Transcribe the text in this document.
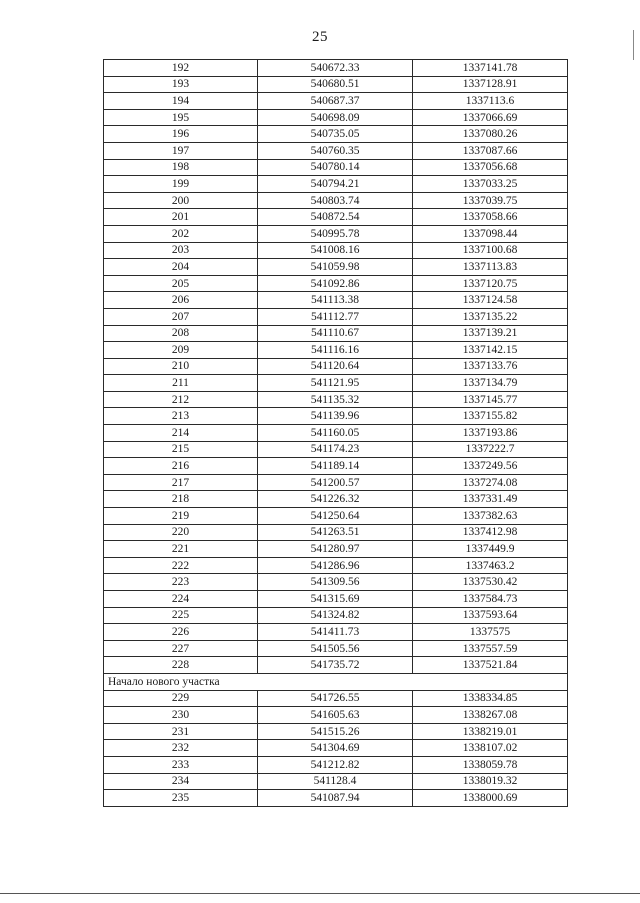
25
192	540672.33	1337141.78
193	540680.51	1337128.91
194	540687.37	1337113.6
195	540698.09	1337066.69
196	540735.05	1337080.26
197	540760.35	1337087.66
198	540780.14	1337056.68
199	540794.21	1337033.25
200	540803.74	1337039.75
201	540872.54	1337058.66
202	540995.78	1337098.44
203	541008.16	1337100.68
204	541059.98	1337113.83
205	541092.86	1337120.75
206	541113.38	1337124.58
207	541112.77	1337135.22
208	541110.67	1337139.21
209	541116.16	1337142.15
210	541120.64	1337133.76
211	541121.95	1337134.79
212	541135.32	1337145.77
213	541139.96	1337155.82
214	541160.05	1337193.86
215	541174.23	1337222.7
216	541189.14	1337249.56
217	541200.57	1337274.08
218	541226.32	1337331.49
219	541250.64	1337382.63
220	541263.51	1337412.98
221	541280.97	1337449.9
222	541286.96	1337463.2
223	541309.56	1337530.42
224	541315.69	1337584.73
225	541324.82	1337593.64
226	541411.73	1337575
227	541505.56	1337557.59
228	541735.72	1337521.84
Начало нового участка		
229	541726.55	1338334.85
230	541605.63	1338267.08
231	541515.26	1338219.01
232	541304.69	1338107.02
233	541212.82	1338059.78
234	541128.4	1338019.32
235	541087.94	1338000.69
